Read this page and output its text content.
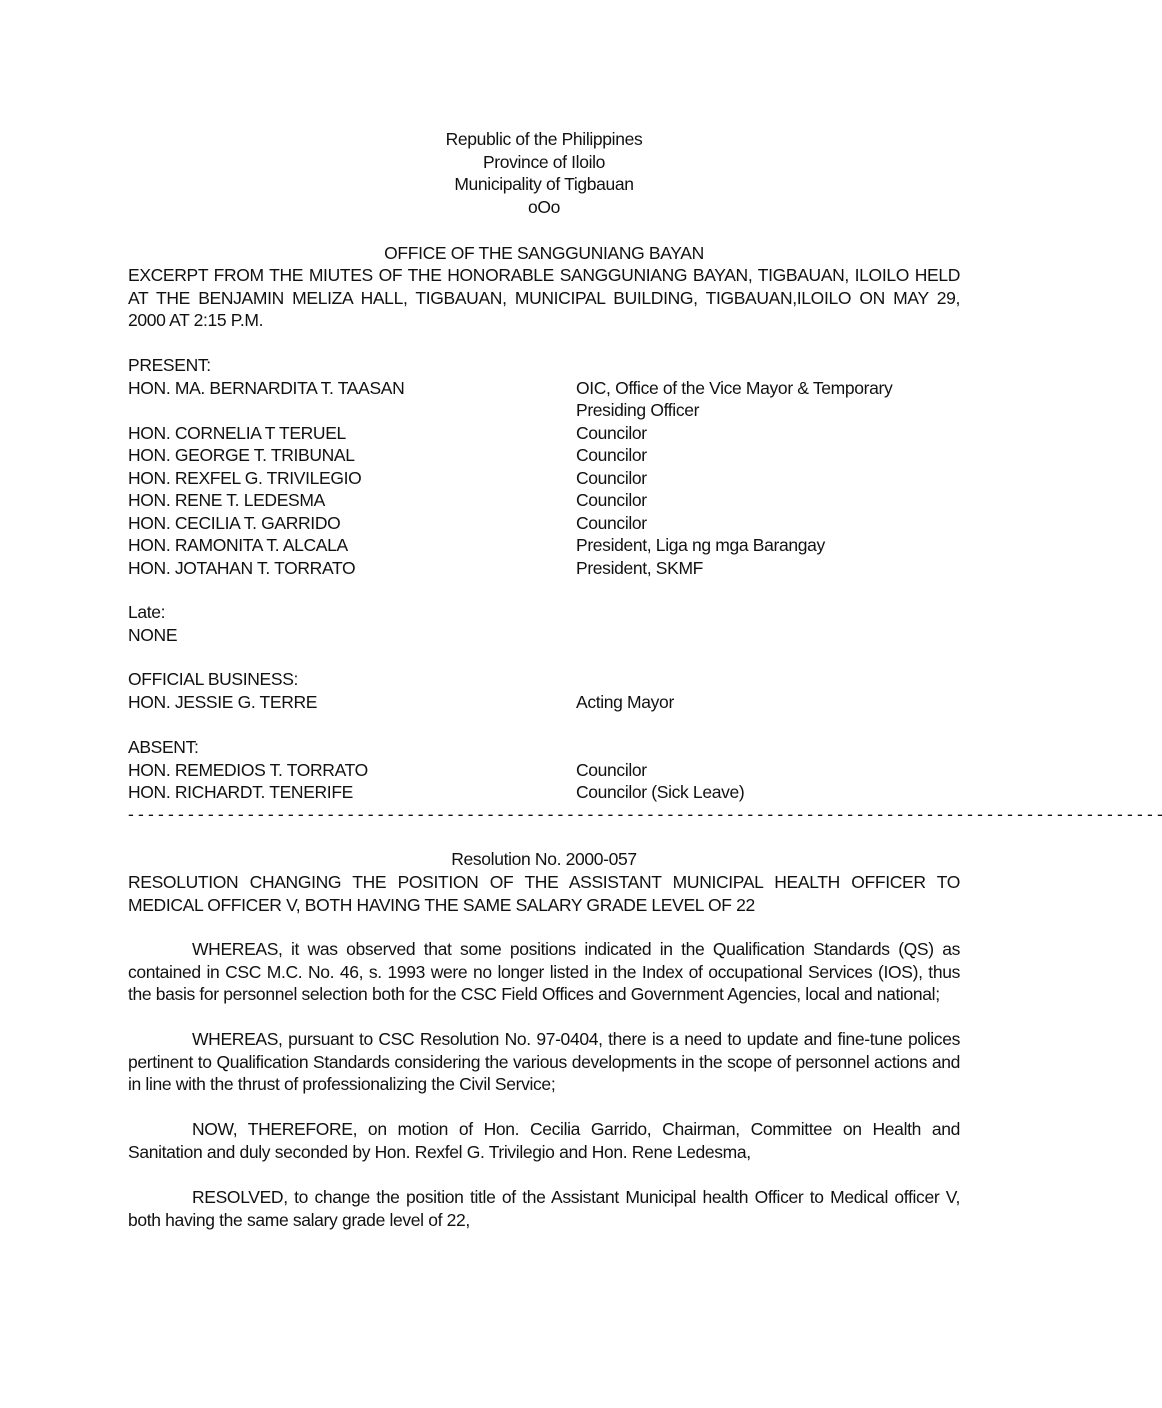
Republic of the Philippines
Province of Iloilo
Municipality of Tigbauan
oOo
OFFICE OF THE SANGGUNIANG BAYAN
EXCERPT FROM THE MIUTES OF THE HONORABLE SANGGUNIANG BAYAN, TIGBAUAN, ILOILO HELD AT THE BENJAMIN MELIZA HALL, TIGBAUAN, MUNICIPAL BUILDING, TIGBAUAN,ILOILO ON MAY 29, 2000 AT 2:15 P.M.
PRESENT:
HON. MA. BERNARDITA T. TAASAN	OIC, Office of the Vice Mayor & Temporary
Presiding Officer
HON. CORNELIA T TERUEL	Councilor
HON. GEORGE T. TRIBUNAL	Councilor
HON. REXFEL G. TRIVILEGIO	Councilor
HON. RENE T. LEDESMA	Councilor
HON. CECILIA T. GARRIDO	Councilor
HON. RAMONITA T. ALCALA	President, Liga ng mga Barangay
HON. JOTAHAN T. TORRATO	President, SKMF
Late:
NONE
OFFICIAL BUSINESS:
HON. JESSIE G. TERRE	Acting Mayor
ABSENT:
HON. REMEDIOS T. TORRATO	Councilor
HON. RICHARDT. TENERIFE	Councilor (Sick Leave)
- - - - - - - - - - - - - - - - - - - - - - - - - - - - - - - - - - - - - - - - - - - - - - - - - - - - - - - - - - - - - - - - - - - - - - - - - - - - - - - - - - - - - - - - - - - - - - - - - - - - - - - -
Resolution No. 2000-057
RESOLUTION CHANGING THE POSITION OF THE ASSISTANT MUNICIPAL HEALTH OFFICER TO MEDICAL OFFICER V, BOTH HAVING THE SAME SALARY GRADE LEVEL OF 22
WHEREAS, it was observed that some positions indicated in the Qualification Standards (QS) as contained in CSC M.C. No. 46, s. 1993 were no longer listed in the Index of occupational Services (IOS), thus the basis for personnel selection both for the CSC Field Offices and Government Agencies, local and national;
WHEREAS, pursuant to CSC Resolution No. 97-0404, there is a need to update and fine-tune polices pertinent to Qualification Standards considering the various developments in the scope of personnel actions and in line with the thrust of professionalizing the Civil Service;
NOW, THEREFORE, on motion of Hon. Cecilia Garrido, Chairman, Committee on Health and Sanitation and duly seconded by Hon. Rexfel G. Trivilegio and Hon. Rene Ledesma,
RESOLVED, to change the position title of the Assistant Municipal health Officer to Medical officer V, both having the same salary grade level of 22,
